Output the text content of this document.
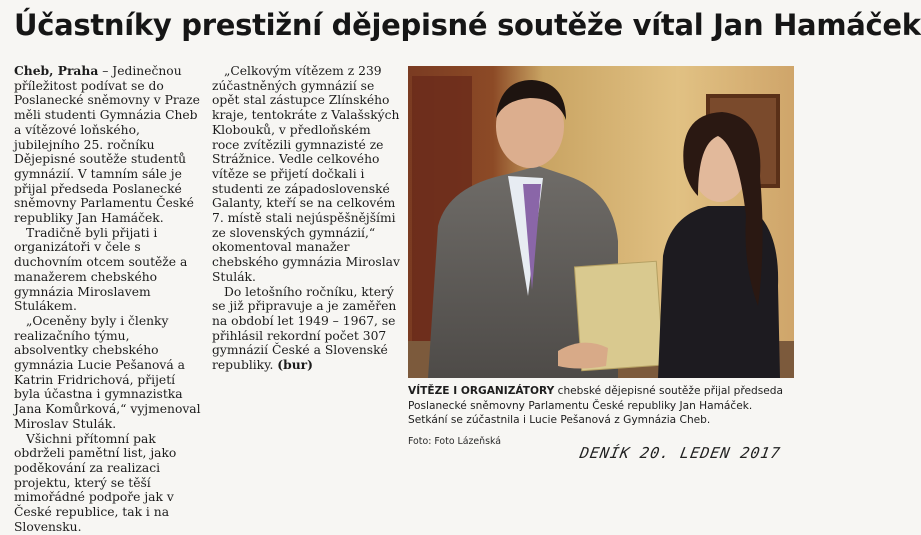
Účastníky prestižní dějepisné soutěže vítal Jan Hamáček

Cheb, Praha – Jedinečnou příležitost podívat se do Poslanecké sněmovny v Praze měli studenti Gymnázia Cheb a vítězové loňského, jubilejního 25. ročníku Dějepisné soutěže studentů gymnázií. V tamním sále je přijal předseda Poslanecké sněmovny Parlamentu České republiky Jan Hamáček.

Tradičně byli přijati i organizátoři v čele s duchovním otcem soutěže a manažerem chebského gymnázia Miroslavem Stulákem.

„Oceněny byly i členky realizačního týmu, absolventky chebského gymnázia Lucie Pešanová a Katrin Fridrichová, přijetí byla účastna i gymnazistka Jana Komůrková,“ vyjmenoval Miroslav Stulák.

Všichni přítomní pak obdrželi pamětní list, jako poděkování za realizaci projektu, který se těší mimořádné podpoře jak v České republice, tak i na Slovensku.

„Celkovým vítězem z 239 zúčastněných gymnázií se opět stal zástupce Zlínského kraje, tentokráte z Valašských Klobouků, v předloňském roce zvítězili gymnazisté ze Strážnice. Vedle celkového vítěze se přijetí dočkali i studenti ze západoslovenské Galanty, kteří se na celkovém 7. místě stali nejúspěšnějšími ze slovenských gymnázií,“ okomentoval manažer chebského gymnázia Miroslav Stulák.

Do letošního ročníku, který se již připravuje a je zaměřen na období let 1949 – 1967, se přihlásil rekordní počet 307 gymnázií České a Slovenské republiky. (bur)

VÍTĚZE I ORGANIZÁTORY chebské dějepisné soutěže přijal předseda Poslanecké sněmovny Parlamentu České republiky Jan Hamáček. Setkání se zúčastnila i Lucie Pešanová z Gymnázia Cheb.
Foto: Foto Lázeňská
DENÍK 20. LEDEN 2017
